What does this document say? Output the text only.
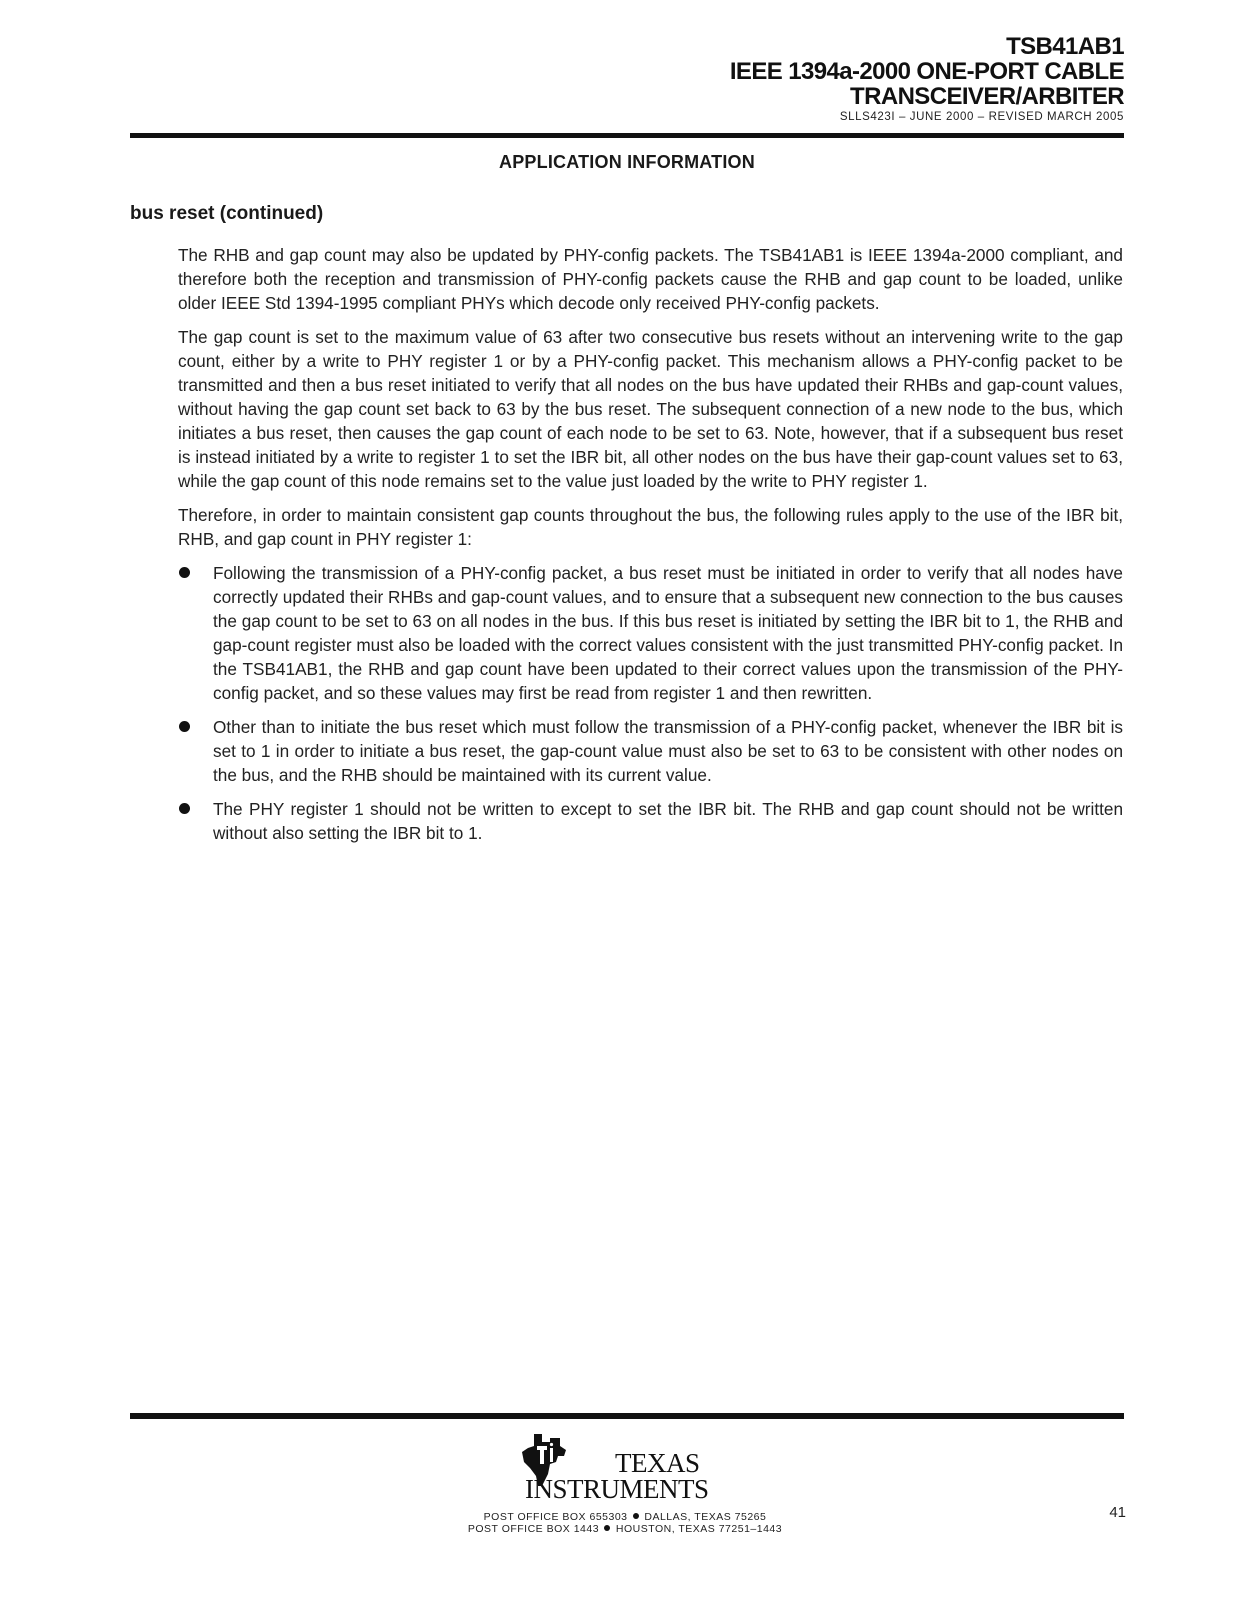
TSB41AB1
IEEE 1394a-2000 ONE-PORT CABLE
TRANSCEIVER/ARBITER
SLLS423I – JUNE 2000 – REVISED MARCH 2005
APPLICATION INFORMATION
bus reset (continued)

The RHB and gap count may also be updated by PHY-config packets. The TSB41AB1 is IEEE 1394a-2000 compliant, and therefore both the reception and transmission of PHY-config packets cause the RHB and gap count to be loaded, unlike older IEEE Std 1394-1995 compliant PHYs which decode only received PHY-config packets.

The gap count is set to the maximum value of 63 after two consecutive bus resets without an intervening write to the gap count, either by a write to PHY register 1 or by a PHY-config packet. This mechanism allows a PHY-config packet to be transmitted and then a bus reset initiated to verify that all nodes on the bus have updated their RHBs and gap-count values, without having the gap count set back to 63 by the bus reset. The subsequent connection of a new node to the bus, which initiates a bus reset, then causes the gap count of each node to be set to 63. Note, however, that if a subsequent bus reset is instead initiated by a write to register 1 to set the IBR bit, all other nodes on the bus have their gap-count values set to 63, while the gap count of this node remains set to the value just loaded by the write to PHY register 1.

Therefore, in order to maintain consistent gap counts throughout the bus, the following rules apply to the use of the IBR bit, RHB, and gap count in PHY register 1:

Following the transmission of a PHY-config packet, a bus reset must be initiated in order to verify that all nodes have correctly updated their RHBs and gap-count values, and to ensure that a subsequent new connection to the bus causes the gap count to be set to 63 on all nodes in the bus. If this bus reset is initiated by setting the IBR bit to 1, the RHB and gap-count register must also be loaded with the correct values consistent with the just transmitted PHY-config packet. In the TSB41AB1, the RHB and gap count have been updated to their correct values upon the transmission of the PHY-config packet, and so these values may first be read from register 1 and then rewritten.
Other than to initiate the bus reset which must follow the transmission of a PHY-config packet, whenever the IBR bit is set to 1 in order to initiate a bus reset, the gap-count value must also be set to 63 to be consistent with other nodes on the bus, and the RHB should be maintained with its current value.
The PHY register 1 should not be written to except to set the IBR bit. The RHB and gap count should not be written without also setting the IBR bit to 1.
TEXAS
INSTRUMENTS
POST OFFICE BOX 655303 DALLAS, TEXAS 75265
POST OFFICE BOX 1443 HOUSTON, TEXAS 77251–1443
41
